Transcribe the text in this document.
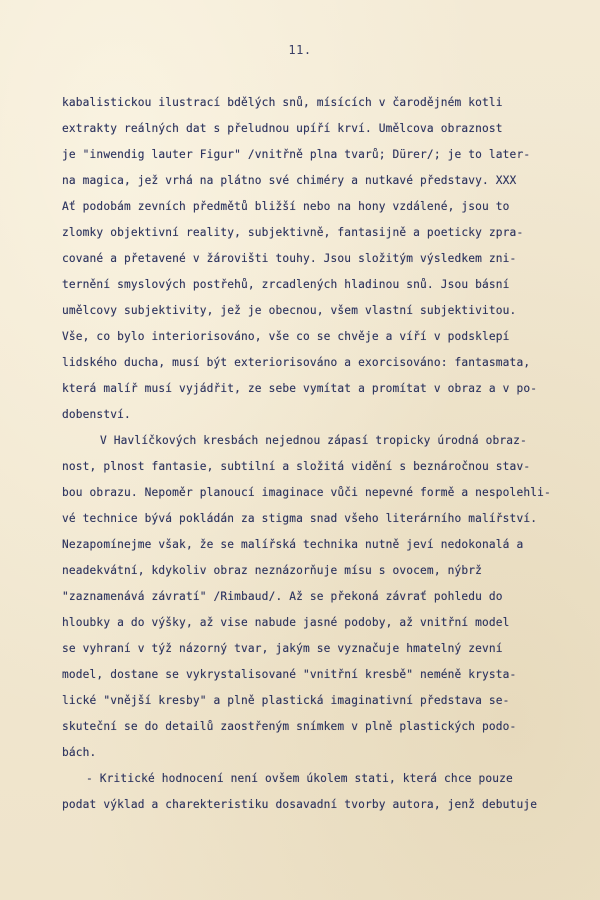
11.
kabalistickou ilustrací bdělých snů, mísících v čarodějném kotli
extrakty reálných dat s přeludnou upíří krví. Umělcova obraznost
je "inwendig lauter Figur" /vnitřně plna tvarů; Dürer/; je to later-
na magica, jež vrhá na plátno své chiméry a nutkavé představy. XXX
Ať podobám zevních předmětů bližší nebo na hony vzdálené, jsou to
zlomky objektivní reality, subjektivně, fantasijně a poeticky zpra-
cované a přetavené v žárovišti touhy. Jsou složitým výsledkem zni-
ternění smyslových postřehů, zrcadlených hladinou snů. Jsou básní
umělcovy subjektivity, jež je obecnou, všem vlastní subjektivitou.
Vše, co bylo interiorisováno, vše co se chvěje a víří v podsklepí
lidského ducha, musí být exteriorisováno a exorcisováno: fantasmata,
která malíř musí vyjádřit, ze sebe vymítat a promítat v obraz a v po-
dobenství.
V Havlíčkových kresbách nejednou zápasí tropicky úrodná obraz-
nost, plnost fantasie, subtilní a složitá vidění s beznáročnou stav-
bou obrazu. Nepoměr planoucí imaginace vůči nepevné formě a nespolehli-
vé technice bývá pokládán za stigma snad všeho literárního malířství.
Nezapomínejme však, že se malířská technika nutně jeví nedokonalá a
neadekvátní, kdykoliv obraz neznázorňuje mísu s ovocem, nýbrž
"zaznamenává závratí" /Rimbaud/. Až se překoná závrať pohledu do
hloubky a do výšky, až vise nabude jasné podoby, až vnitřní model
se vyhraní v týž názorný tvar, jakým se vyznačuje hmatelný zevní
model, dostane se vykrystalisované "vnitřní kresbě" neméně krysta-
lické "vnější kresby" a plně plastická imaginativní představa se-
skuteční se do detailů zaostřeným snímkem v plně plastických podo-
bách.
- Kritické hodnocení není ovšem úkolem stati, která chce pouze
podat výklad a charekteristiku dosavadní tvorby autora, jenž debutuje
